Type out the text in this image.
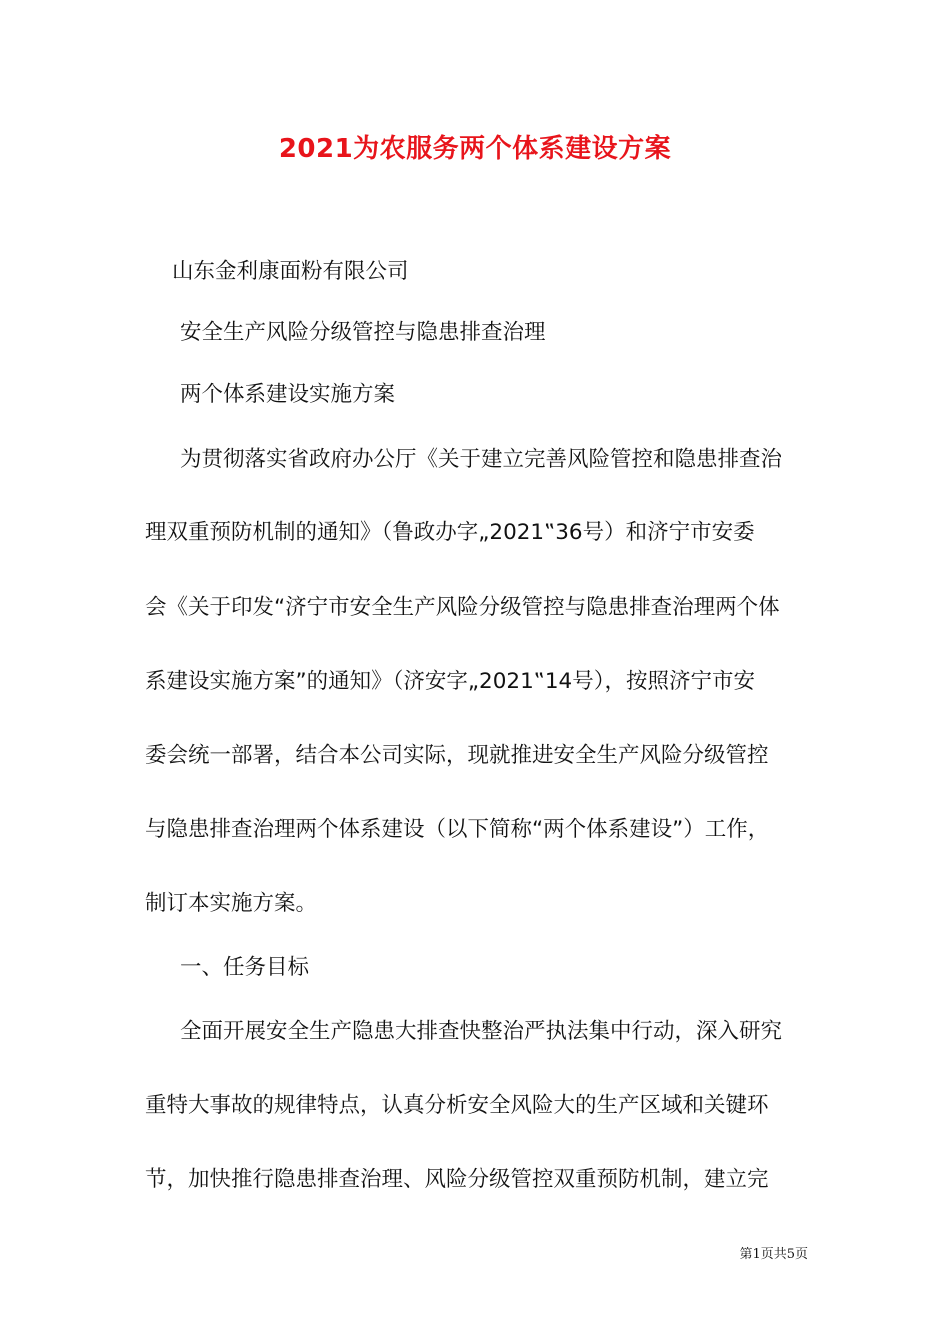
2021为农服务两个体系建设方案
山东金利康面粉有限公司
安全生产风险分级管控与隐患排查治理
两个体系建设实施方案
为贯彻落实省政府办公厅《关于建立完善风险管控和隐患排查治
理双重预防机制的通知》（鲁政办字„2021‟36号）和济宁市安委
会《关于印发“济宁市安全生产风险分级管控与隐患排查治理两个体
系建设实施方案”的通知》（济安字„2021‟14号），按照济宁市安
委会统一部署，结合本公司实际，现就推进安全生产风险分级管控
与隐患排查治理两个体系建设（以下简称“两个体系建设”）工作，
制订本实施方案。
一、任务目标
全面开展安全生产隐患大排查快整治严执法集中行动，深入研究
重特大事故的规律特点，认真分析安全风险大的生产区域和关键环
节，加快推行隐患排查治理、风险分级管控双重预防机制，建立完
第1页共5页
